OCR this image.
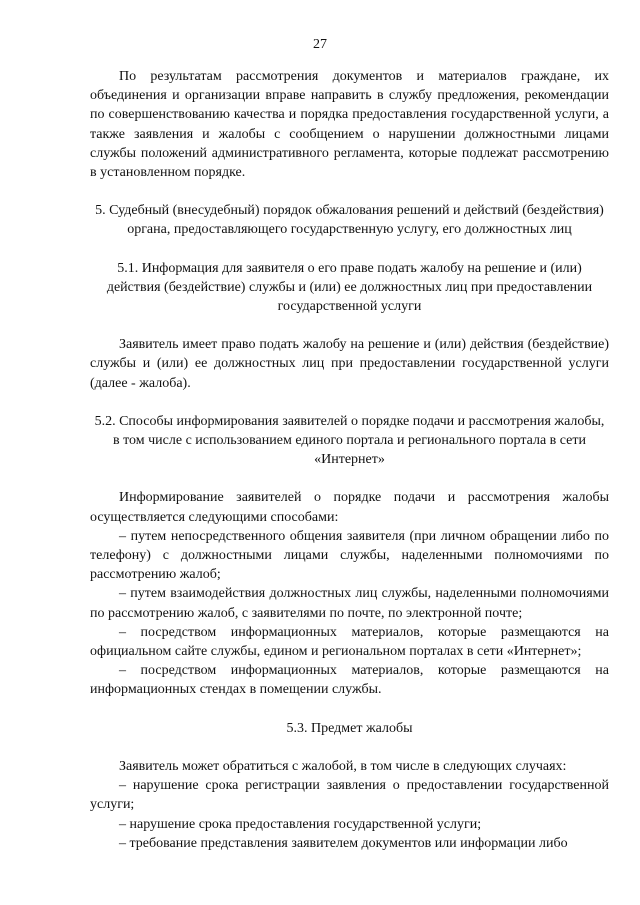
27

По результатам рассмотрения документов и материалов граждане, их объединения и организации вправе направить в службу предложения, рекомендации по совершенствованию качества и порядка предоставления государственной услуги, а также заявления и жалобы с сообщением о нарушении должностными лицами службы положений административного регламента, которые подлежат рассмотрению в установленном порядке.

5. Судебный (внесудебный) порядок обжалования решений и действий (бездействия) органа, предоставляющего государственную услугу, его должностных лиц

5.1. Информация для заявителя о его праве подать жалобу на решение и (или) действия (бездействие) службы и (или) ее должностных лиц при предоставлении государственной услуги

Заявитель имеет право подать жалобу на решение и (или) действия (бездействие) службы и (или) ее должностных лиц при предоставлении государственной услуги (далее - жалоба).

5.2. Способы информирования заявителей о порядке подачи и рассмотрения жалобы, в том числе с использованием единого портала и регионального портала в сети «Интернет»

Информирование заявителей о порядке подачи и рассмотрения жалобы осуществляется следующими способами:

– путем непосредственного общения заявителя (при личном обращении либо по телефону) с должностными лицами службы, наделенными полномочиями по рассмотрению жалоб;

– путем взаимодействия должностных лиц службы, наделенными полномочиями по рассмотрению жалоб, с заявителями по почте, по электронной почте;

– посредством информационных материалов, которые размещаются на официальном сайте службы, едином и региональном порталах в сети «Интернет»;

– посредством информационных материалов, которые размещаются на информационных стендах в помещении службы.

5.3. Предмет жалобы

Заявитель может обратиться с жалобой, в том числе в следующих случаях:

– нарушение срока регистрации заявления о предоставлении государственной услуги;

– нарушение срока предоставления государственной услуги;

– требование представления заявителем документов или информации либо
